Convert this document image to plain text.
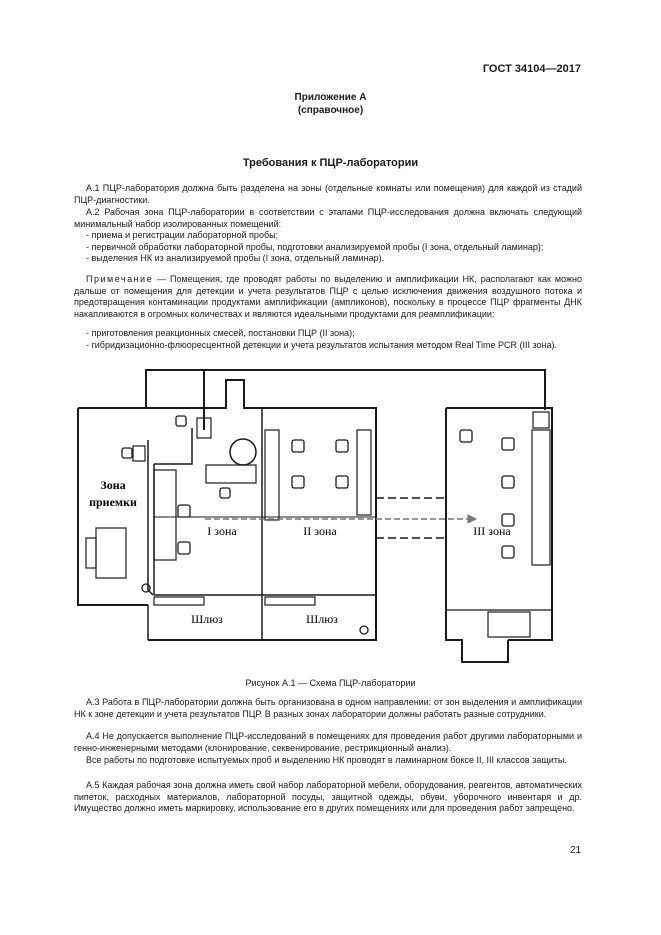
ГОСТ 34104—2017
Приложение А
(справочное)
Требования к ПЦР-лаборатории
А.1 ПЦР-лаборатория должна быть разделена на зоны (отдельные комнаты или помещения) для каждой из стадий ПЦР-диагностики.
А.2 Рабочая зона ПЦР-лаборатории в соответствии с этапами ПЦР-исследования должна включать следующий минимальный набор изолированных помещений:
- приема и регистрации лабораторной пробы;
- первичной обработки лабораторной пробы, подготовки анализируемой пробы (I зона, отдельный ламинар);
- выделения НК из анализируемой пробы (I зона, отдельный ламинар).
Примечание — Помещения, где проводят работы по выделению и амплификации НК, располагают как можно дальше от помещения для детекции и учета результатов ПЦР с целью исключения движения воздушного потока и предотвращения контаминации продуктами амплификации (ампликонов), поскольку в процессе ПЦР фрагменты ДНК накапливаются в огромных количествах и являются идеальными продуктами для реамплификации;
- приготовления реакционных смесей, постановки ПЦР (II зона);
- гибридизационно-флюоресцентной детекции и учета результатов испытания методом Real Time PCR (III зона).
Зона
приемки
I зона	II зона	III зона
Шлюз	Шлюз
Рисунок А.1 — Схема ПЦР-лаборатории
А.3 Работа в ПЦР-лаборатории должна быть организована в одном направлении: от зон выделения и амплификации НК к зоне детекции и учета результатов ПЦР. В разных зонах лаборатории должны работать разные сотрудники.
А.4 Не допускается выполнение ПЦР-исследований в помещениях для проведения работ другими лабораторными и генно-инженерными методами (клонирование, секвенирование, рестрикционный анализ).
Все работы по подготовке испытуемых проб и выделению НК проводят в ламинарном боксе II, III классов защиты.
А.5 Каждая рабочая зона должна иметь свой набор лабораторной мебели, оборудования, реагентов, автоматических пипеток, расходных материалов, лабораторной посуды, защитной одежды, обуви, уборочного инвентаря и др. Имущество должно иметь маркировку, использование его в других помещениях или для проведения работ запрещено.
21
